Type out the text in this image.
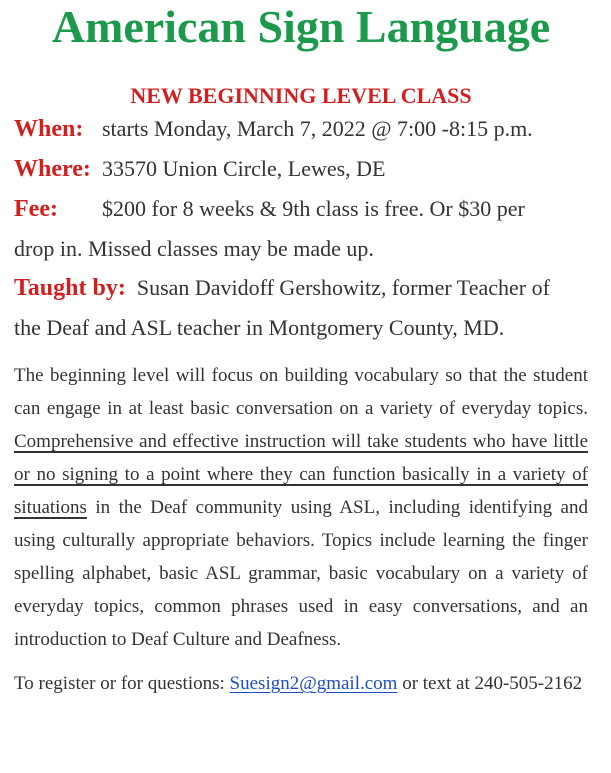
American Sign Language
NEW BEGINNING LEVEL CLASS
When: starts Monday, March 7, 2022 @ 7:00 -8:15 p.m.
Where: 33570 Union Circle, Lewes, DE
Fee: $200 for 8 weeks & 9th class is free. Or $30 per
drop in. Missed classes may be made up.
Taught by: Susan Davidoff Gershowitz, former Teacher of
the Deaf and ASL teacher in Montgomery County, MD.
The beginning level will focus on building vocabulary so that the student can engage in at least basic conversation on a variety of everyday topics. Comprehensive and effective instruction will take students who have little or no signing to a point where they can function basically in a variety of situations in the Deaf community using ASL, including identifying and using culturally appropriate behaviors. Topics include learning the finger spelling alphabet, basic ASL grammar, basic vocabulary on a variety of everyday topics, common phrases used in easy conversations, and an introduction to Deaf Culture and Deafness.
To register or for questions: Suesign2@gmail.com or text at 240-505-2162
